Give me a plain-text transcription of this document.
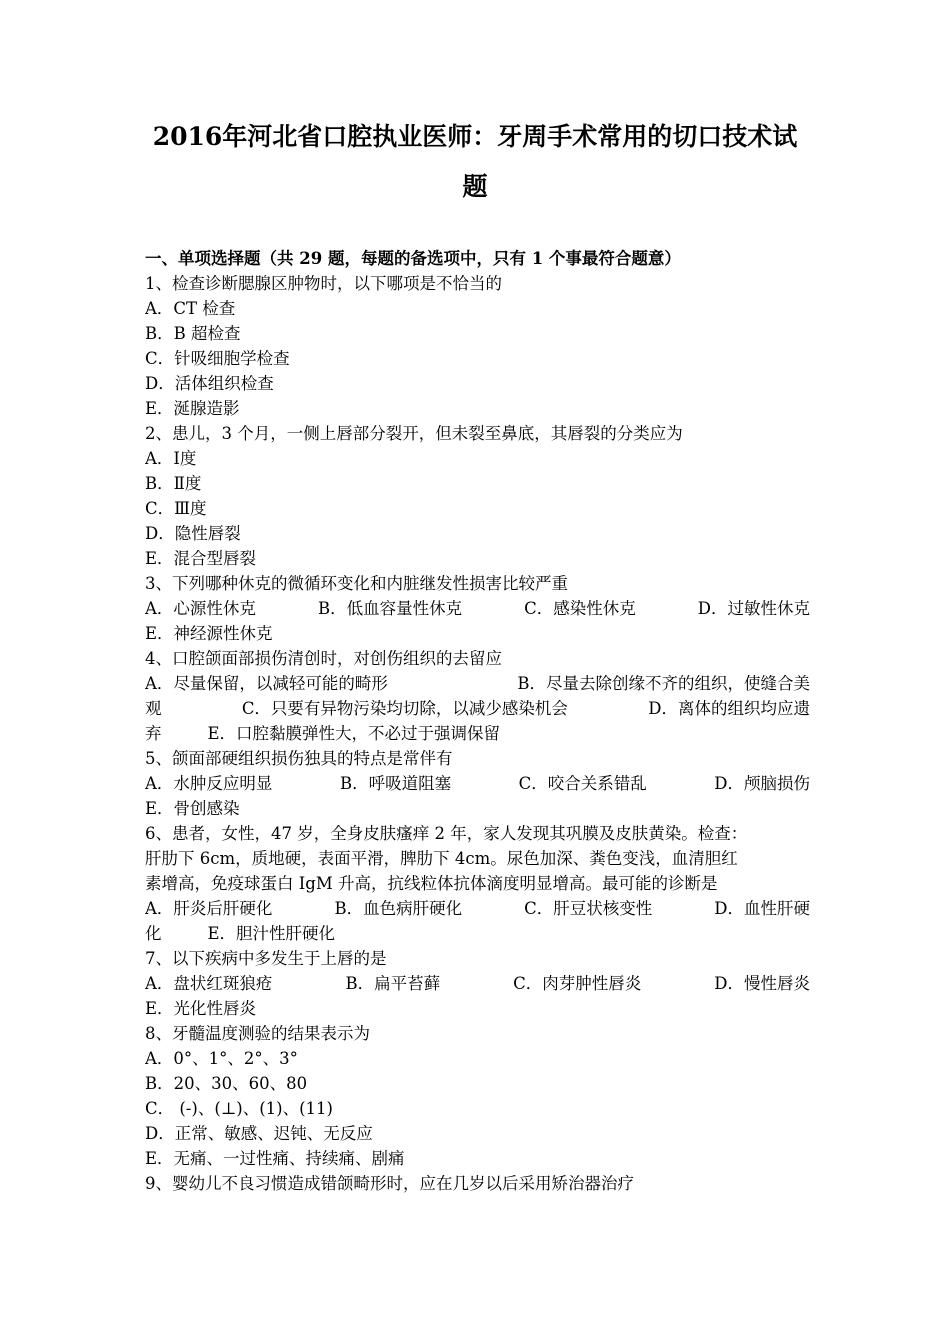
2016年河北省口腔执业医师：牙周手术常用的切口技术试
题
一、单项选择题（共 29 题，每题的备选项中，只有 1 个事最符合题意）
1、检查诊断腮腺区肿物时，以下哪项是不恰当的
A．CT 检查
B．B 超检查
C．针吸细胞学检查
D．活体组织检查
E．涎腺造影
2、患儿，3 个月，一侧上唇部分裂开，但未裂至鼻底，其唇裂的分类应为
A．Ⅰ度
B．Ⅱ度
C．Ⅲ度
D．隐性唇裂
E．混合型唇裂
3、下列哪种休克的微循环变化和内脏继发性损害比较严重
A．心源性休克	B．低血容量性休克	C．感染性休克	D．过敏性休克
E．神经源性休克
4、口腔颌面部损伤清创时，对创伤组织的去留应
A．尽量保留，以减轻可能的畸形	B．尽量去除创缘不齐的组织，使缝合美
观	C．只要有异物污染均切除，以减少感染机会	D．离体的组织均应遗
弃	E．口腔黏膜弹性大，不必过于强调保留
5、颌面部硬组织损伤独具的特点是常伴有
A．水肿反应明显	B．呼吸道阻塞	C．咬合关系错乱	D．颅脑损伤
E．骨创感染
6、患者，女性，47 岁，全身皮肤瘙痒 2 年，家人发现其巩膜及皮肤黄染。检查：
肝肋下 6cm，质地硬，表面平滑，脾肋下 4cm。尿色加深、粪色变浅，血清胆红
素增高，免疫球蛋白 IgM 升高，抗线粒体抗体滴度明显增高。最可能的诊断是
A．肝炎后肝硬化	B．血色病肝硬化	C．肝豆状核变性	D．血性肝硬
化	E．胆汁性肝硬化
7、以下疾病中多发生于上唇的是
A．盘状红斑狼疮	B．扁平苔藓	C．肉芽肿性唇炎	D．慢性唇炎
E．光化性唇炎
8、牙髓温度测验的结果表示为
A．0°、1°、2°、3°
B．20、30、60、80
C． (-)、(⊥)、(1)、(11)
D．正常、敏感、迟钝、无反应
E．无痛、一过性痛、持续痛、剧痛
9、婴幼儿不良习惯造成错颌畸形时，应在几岁以后采用矫治器治疗
